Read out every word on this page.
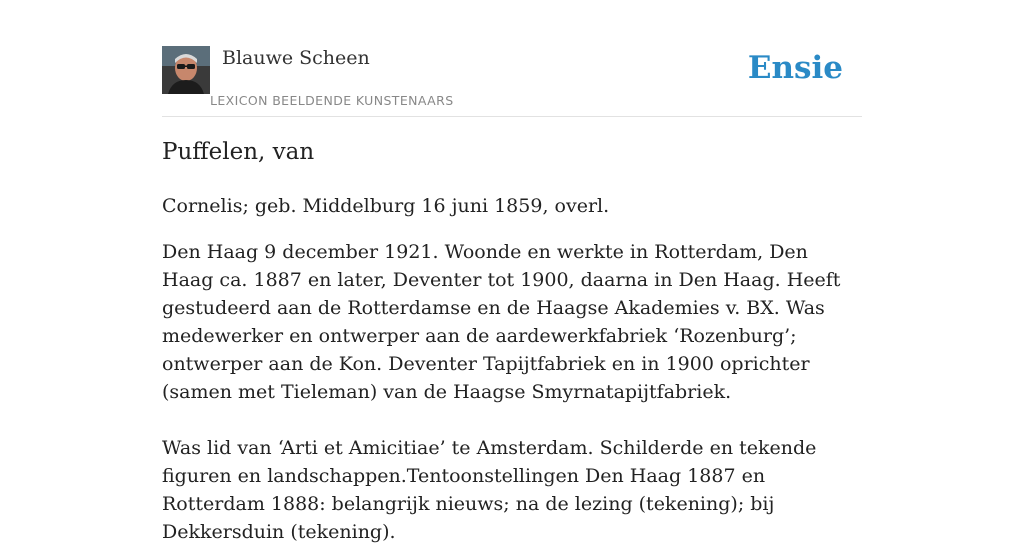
Blauwe Scheen
LEXICON BEELDENDE KUNSTENAARS
Ensie
Puffelen, van

Cornelis; geb. Middelburg 16 juni 1859, overl.

Den Haag 9 december 1921. Woonde en werkte in Rotterdam, Den Haag ca. 1887 en later, Deventer tot 1900, daarna in Den Haag. Heeft gestudeerd aan de Rotterdamse en de Haagse Akademies v. BX. Was medewerker en ontwerper aan de aardewerkfabriek ‘Rozenburg’; ontwerper aan de Kon. Deventer Tapijtfabriek en in 1900 oprichter (samen met Tieleman) van de Haagse Smyrnatapijtfabriek.

Was lid van ‘Arti et Amicitiae’ te Amsterdam. Schilderde en tekende figuren en landschappen.Tentoonstellingen Den Haag 1887 en Rotterdam 1888: belangrijk nieuws; na de lezing (tekening); bij Dekkersduin (tekening).
